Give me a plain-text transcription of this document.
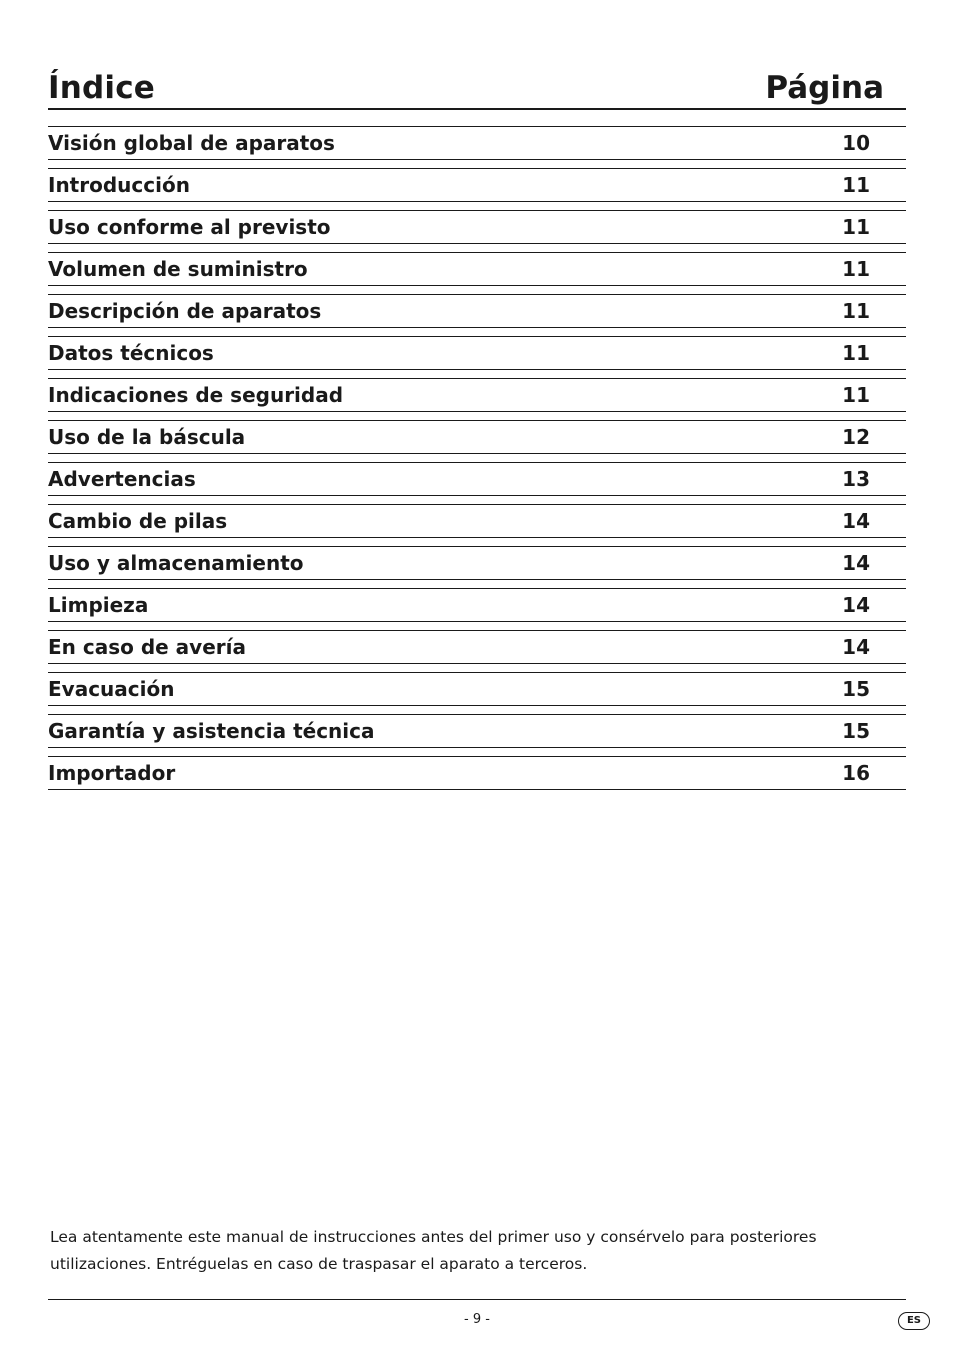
Índice	Página
Visión global de aparatos	10
Introducción	11
Uso conforme al previsto	11
Volumen de suministro	11
Descripción de aparatos	11
Datos técnicos	11
Indicaciones de seguridad	11
Uso de la báscula	12
Advertencias	13
Cambio de pilas	14
Uso y almacenamiento	14
Limpieza	14
En caso de avería	14
Evacuación	15
Garantía y asistencia técnica	15
Importador	16
Lea atentamente este manual de instrucciones antes del primer uso y consérvelo para posteriores
utilizaciones. Entréguelas en caso de traspasar el aparato a terceros.
- 9 -	ES
